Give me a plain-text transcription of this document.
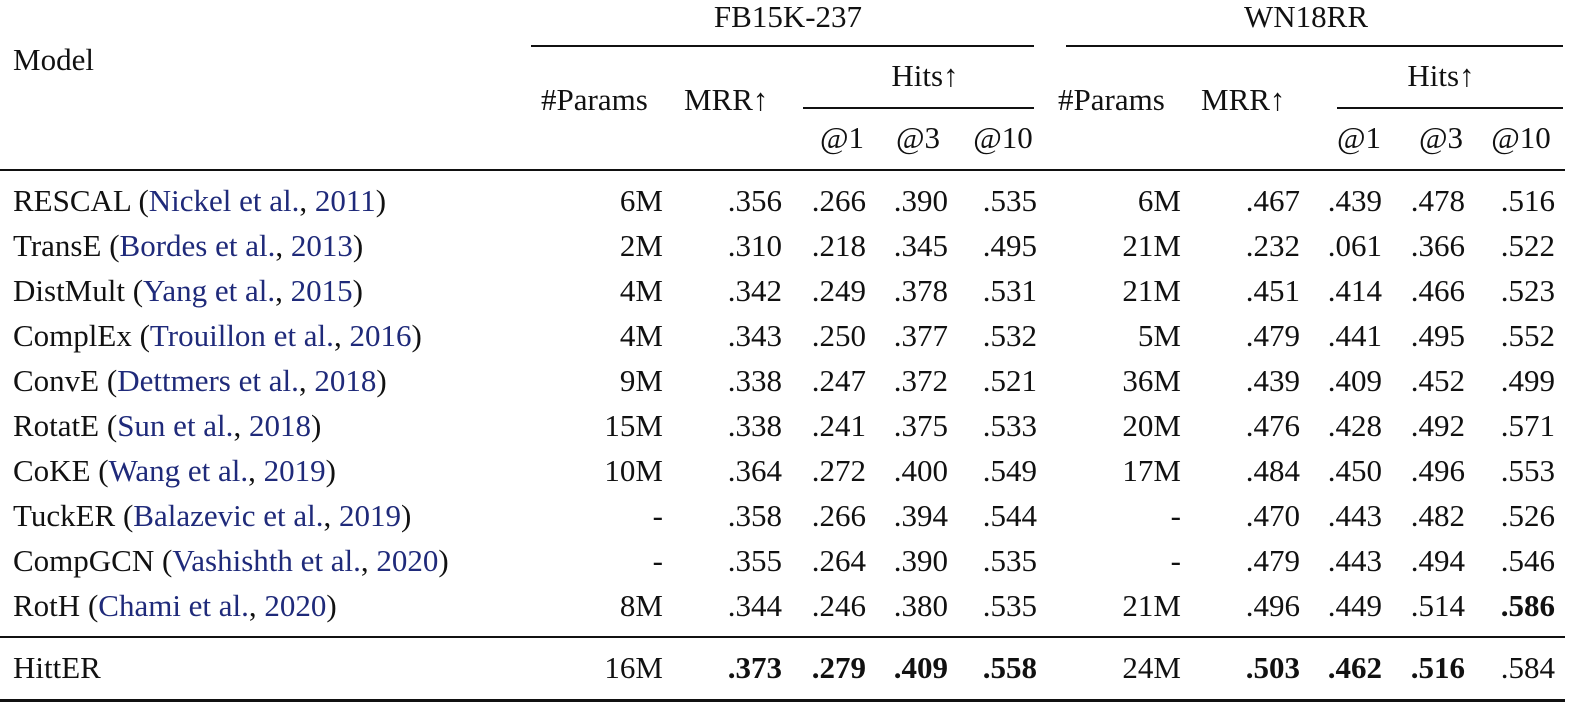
Model
FB15K-237	WN18RR
#Params MRR↑
Hits↑
#Params MRR↑
Hits↑
@1 @3 @10	@1 @3 @10
RESCAL (Nickel et al., 2011)	6M .356 .266 .390 .535	6M .467 .439 .478 .516
TransE (Bordes et al., 2013)	2M .310 .218 .345 .495	21M .232 .061 .366 .522
DistMult (Yang et al., 2015)	4M .342 .249 .378 .531	21M .451 .414 .466 .523
ComplEx (Trouillon et al., 2016)	4M .343 .250 .377 .532	5M .479 .441 .495 .552
ConvE (Dettmers et al., 2018)	9M .338 .247 .372 .521	36M .439 .409 .452 .499
RotatE (Sun et al., 2018)	15M .338 .241 .375 .533	20M .476 .428 .492 .571
CoKE (Wang et al., 2019)	10M .364 .272 .400 .549	17M .484 .450 .496 .553
TuckER (Balazevic et al., 2019)	- .358 .266 .394 .544	- .470 .443 .482 .526
CompGCN (Vashishth et al., 2020)	- .355 .264 .390 .535	- .479 .443 .494 .546
RotH (Chami et al., 2020)	8M .344 .246 .380 .535	21M .496 .449 .514 .586
HittER	16M .373 .279 .409 .558	24M .503 .462 .516 .584
